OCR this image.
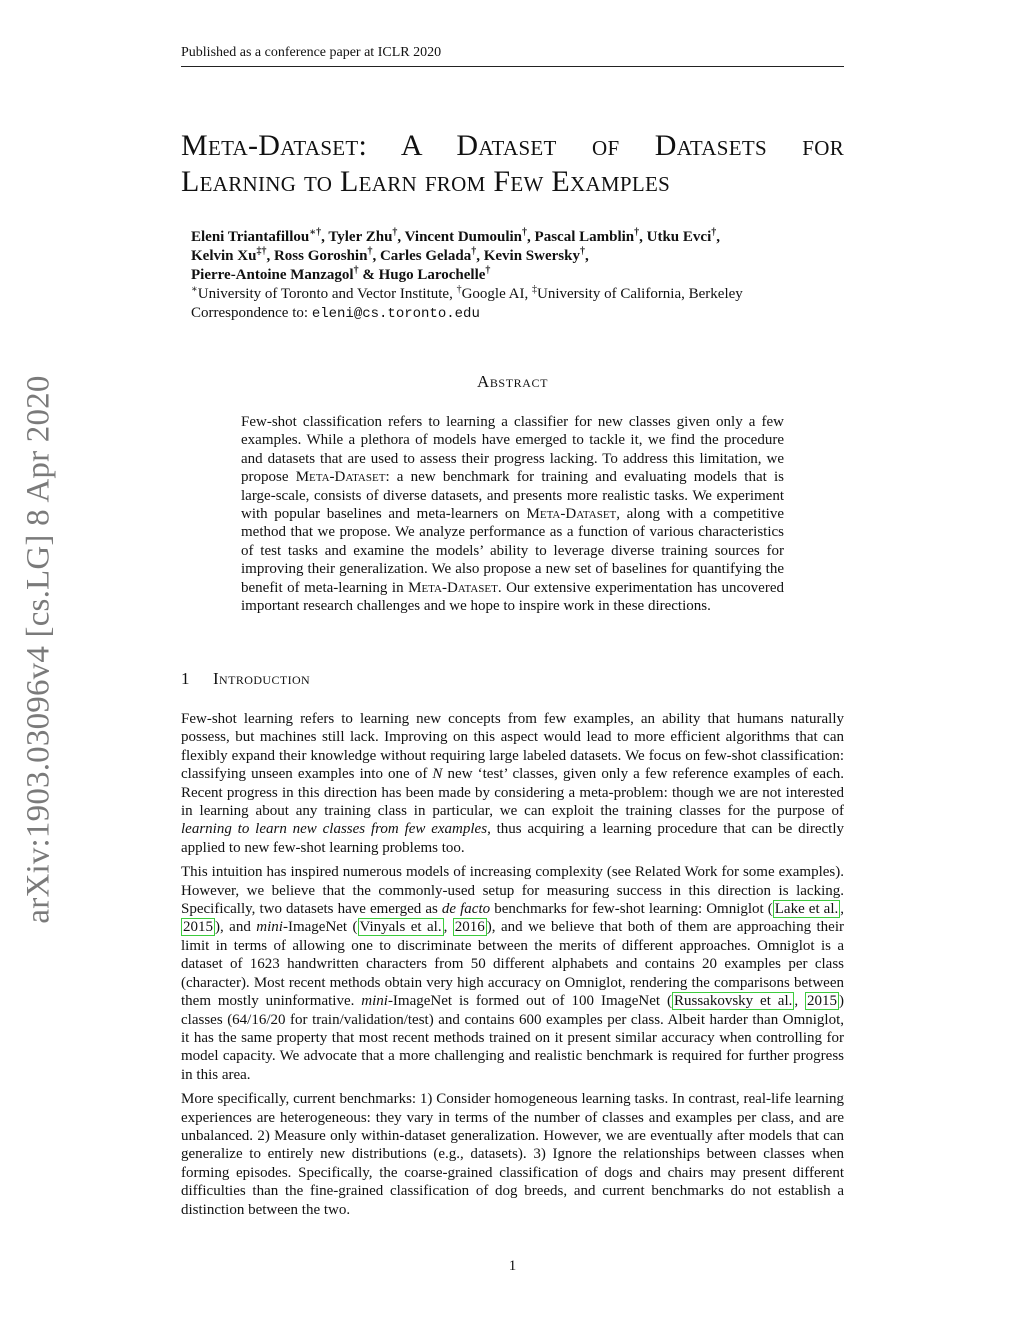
Published as a conference paper at ICLR 2020
arXiv:1903.03096v4 [cs.LG] 8 Apr 2020
Meta-Dataset: A Dataset of Datasets for
Learning to Learn from Few Examples
Eleni Triantafillou∗†, Tyler Zhu†, Vincent Dumoulin†, Pascal Lamblin†, Utku Evci†,
Kelvin Xu‡†, Ross Goroshin†, Carles Gelada†, Kevin Swersky†,
Pierre-Antoine Manzagol† & Hugo Larochelle†
∗University of Toronto and Vector Institute, †Google AI, ‡University of California, Berkeley
Correspondence to: eleni@cs.toronto.edu
Abstract
Few-shot classification refers to learning a classifier for new classes given only a few examples. While a plethora of models have emerged to tackle it, we find the procedure and datasets that are used to assess their progress lacking. To address this limitation, we propose Meta-Dataset: a new benchmark for training and evaluating models that is large-scale, consists of diverse datasets, and presents more realistic tasks. We experiment with popular baselines and meta-learners on Meta-Dataset, along with a competitive method that we propose. We analyze performance as a function of various characteristics of test tasks and examine the models’ ability to leverage diverse training sources for improving their generalization. We also propose a new set of baselines for quantifying the benefit of meta-learning in Meta-Dataset. Our extensive experimentation has uncovered important research challenges and we hope to inspire work in these directions.
1 Introduction

Few-shot learning refers to learning new concepts from few examples, an ability that humans naturally possess, but machines still lack. Improving on this aspect would lead to more efficient algorithms that can flexibly expand their knowledge without requiring large labeled datasets. We focus on few-shot classification: classifying unseen examples into one of N new ‘test’ classes, given only a few reference examples of each. Recent progress in this direction has been made by considering a meta-problem: though we are not interested in learning about any training class in particular, we can exploit the training classes for the purpose of learning to learn new classes from few examples, thus acquiring a learning procedure that can be directly applied to new few-shot learning problems too.

This intuition has inspired numerous models of increasing complexity (see Related Work for some examples). However, we believe that the commonly-used setup for measuring success in this direction is lacking. Specifically, two datasets have emerged as de facto benchmarks for few-shot learning: Omniglot ( Lake et al. , 2015 ), and mini-ImageNet ( Vinyals et al. , 2016 ), and we believe that both of them are approaching their limit in terms of allowing one to discriminate between the merits of different approaches. Omniglot is a dataset of 1623 handwritten characters from 50 different alphabets and contains 20 examples per class (character). Most recent methods obtain very high accuracy on Omniglot, rendering the comparisons between them mostly uninformative. mini-ImageNet is formed out of 100 ImageNet ( Russakovsky et al. , 2015 ) classes (64/16/20 for train/validation/test) and contains 600 examples per class. Albeit harder than Omniglot, it has the same property that most recent methods trained on it present similar accuracy when controlling for model capacity. We advocate that a more challenging and realistic benchmark is required for further progress in this area.

More specifically, current benchmarks: 1) Consider homogeneous learning tasks. In contrast, real-life learning experiences are heterogeneous: they vary in terms of the number of classes and examples per class, and are unbalanced. 2) Measure only within-dataset generalization. However, we are eventually after models that can generalize to entirely new distributions (e.g., datasets). 3) Ignore the relationships between classes when forming episodes. Specifically, the coarse-grained classification of dogs and chairs may present different difficulties than the fine-grained classification of dog breeds, and current benchmarks do not establish a distinction between the two.

1
